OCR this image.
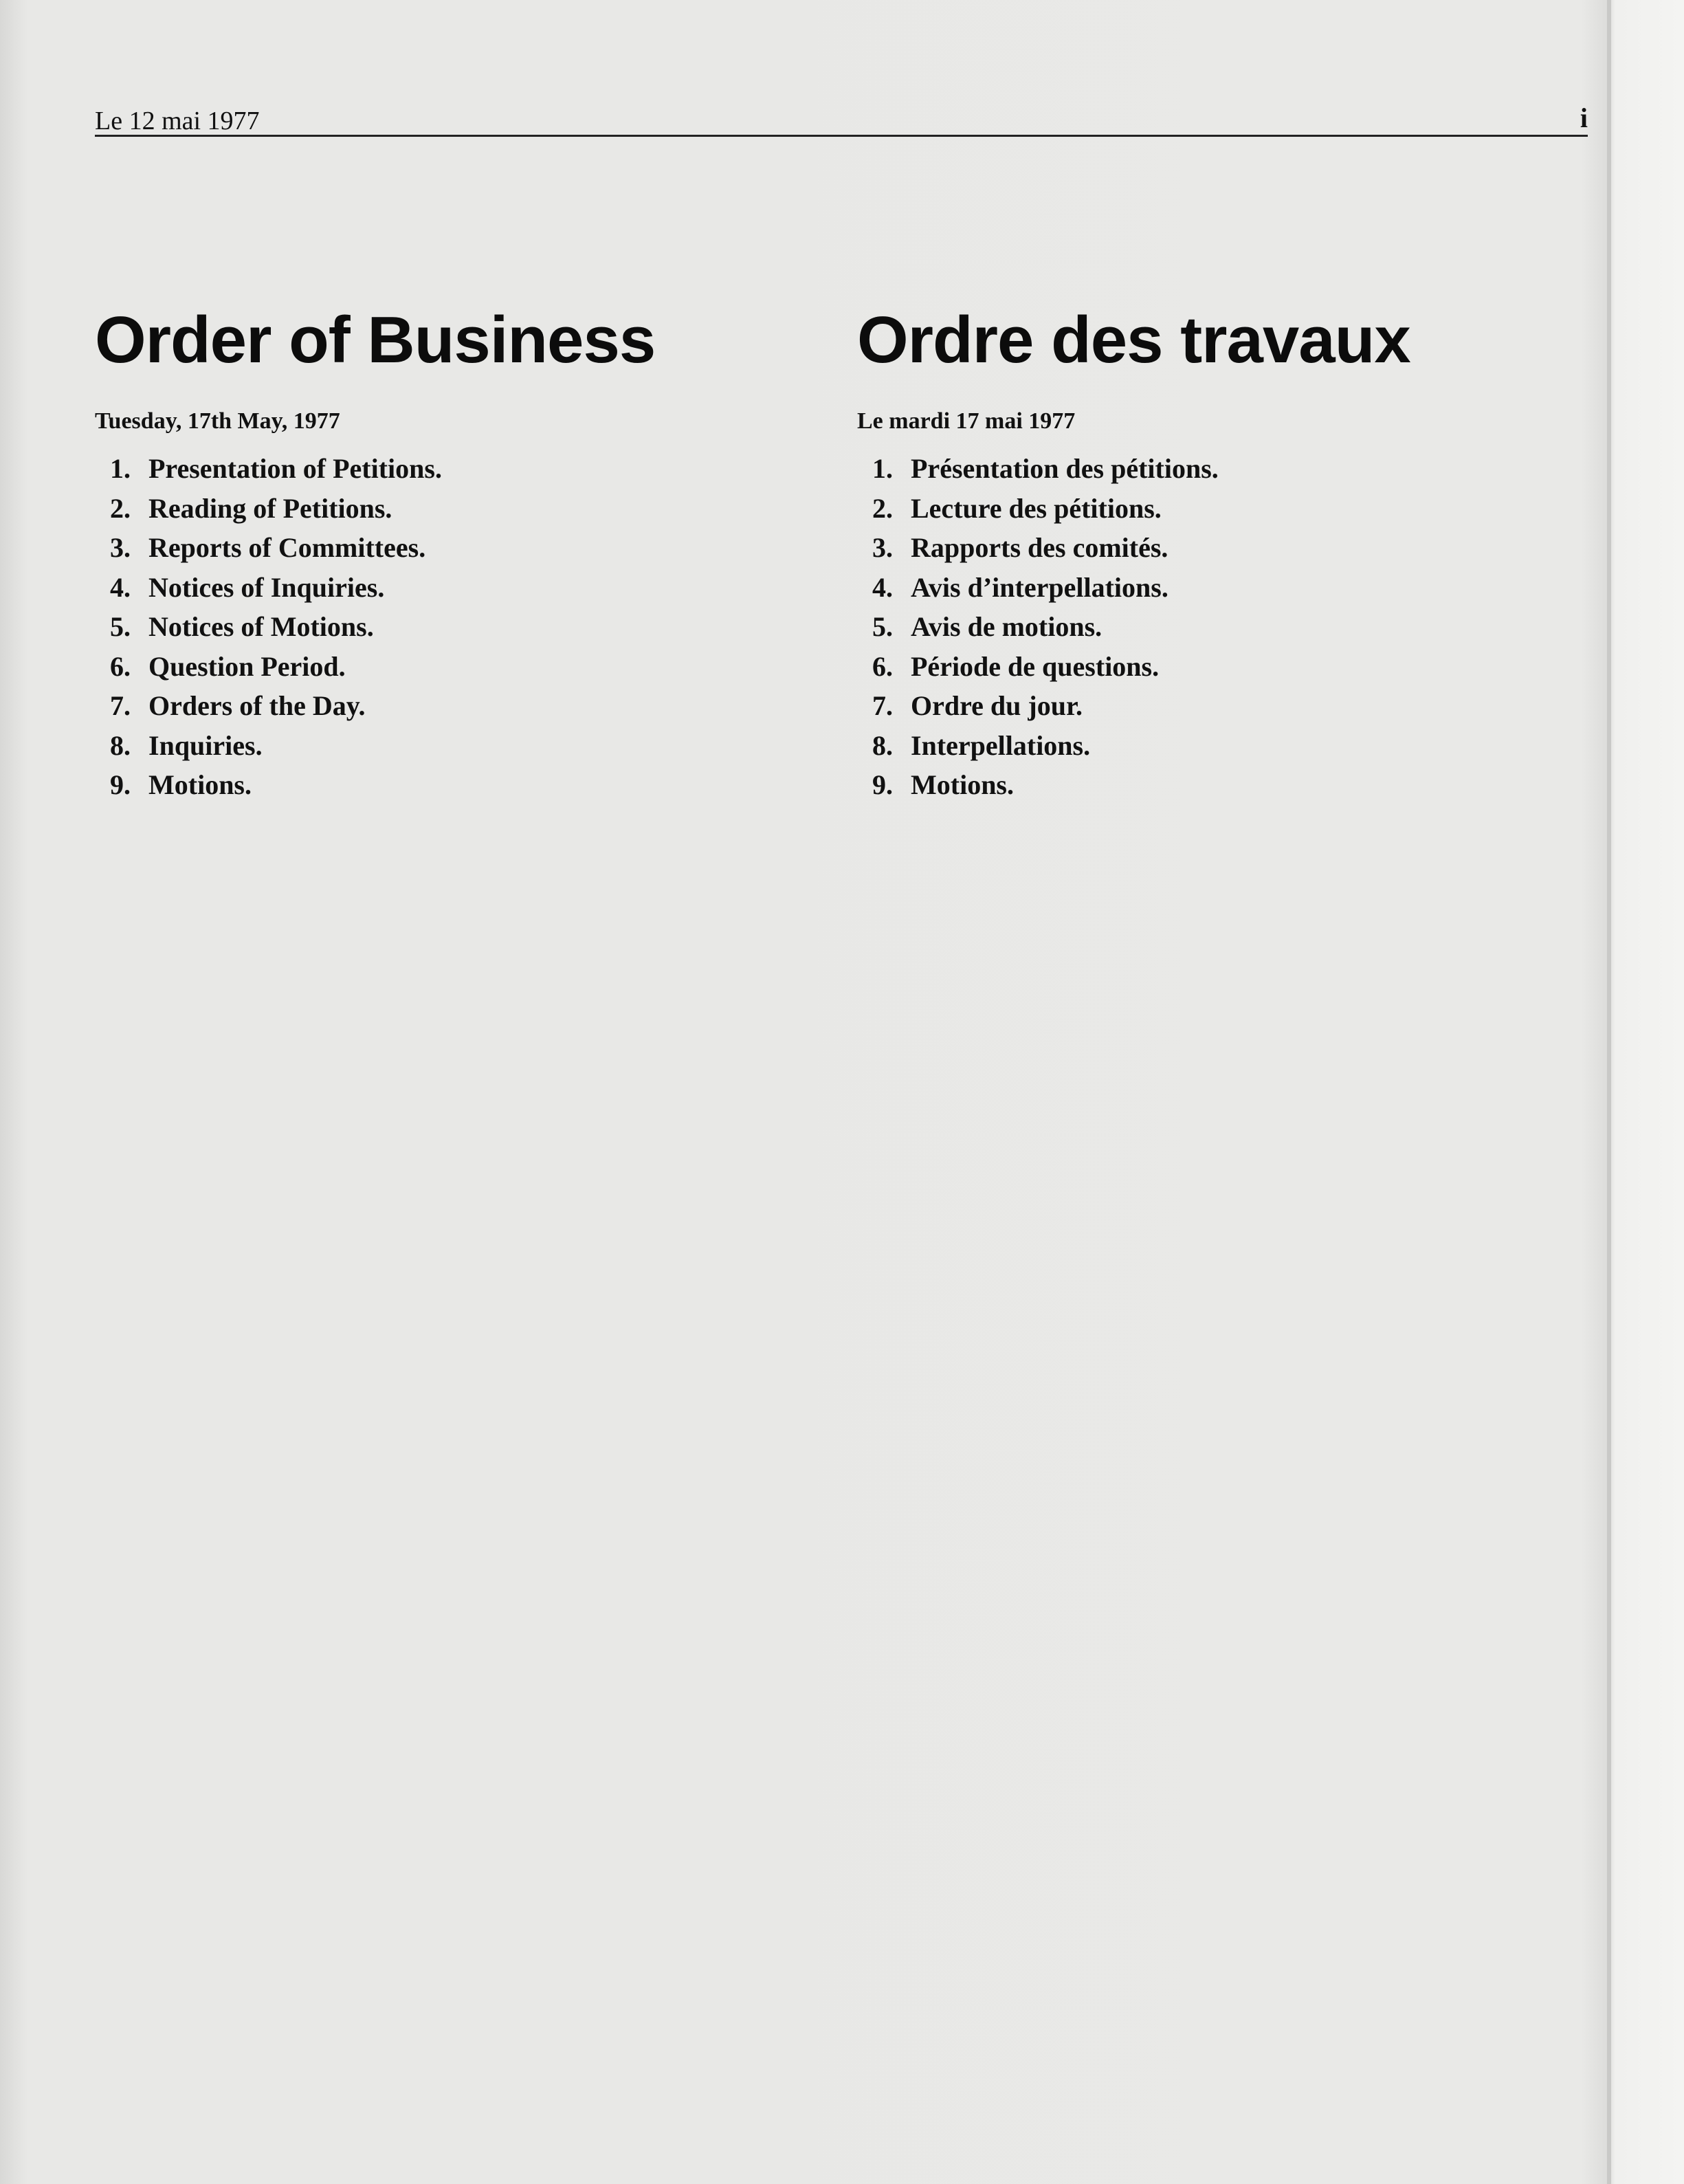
Le 12 mai 1977	i
Order of Business

Tuesday, 17th May, 1977

1. Presentation of Petitions.
2. Reading of Petitions.
3. Reports of Committees.
4. Notices of Inquiries.
5. Notices of Motions.
6. Question Period.
7. Orders of the Day.
8. Inquiries.
9. Motions.
Ordre des travaux

Le mardi 17 mai 1977

1. Présentation des pétitions.
2. Lecture des pétitions.
3. Rapports des comités.
4. Avis d’interpellations.
5. Avis de motions.
6. Période de questions.
7. Ordre du jour.
8. Interpellations.
9. Motions.
